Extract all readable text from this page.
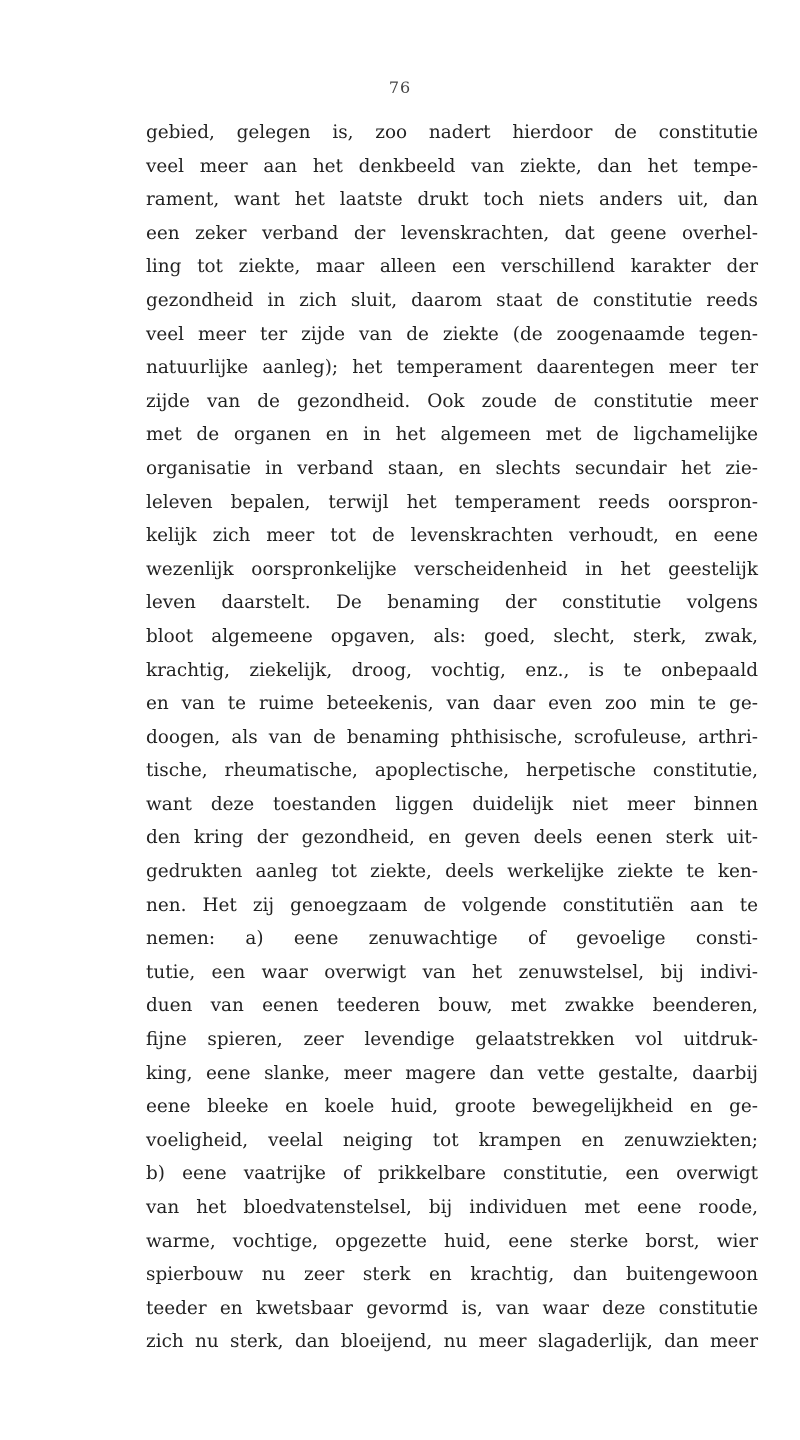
76
gebied, gelegen is, zoo nadert hierdoor de constitutie
veel meer aan het denkbeeld van ziekte, dan het tempe-
rament, want het laatste drukt toch niets anders uit, dan
een zeker verband der levenskrachten, dat geene overhel-
ling tot ziekte, maar alleen een verschillend karakter der
gezondheid in zich sluit, daarom staat de constitutie reeds
veel meer ter zijde van de ziekte (de zoogenaamde tegen-
natuurlijke aanleg); het temperament daarentegen meer ter
zijde van de gezondheid. Ook zoude de constitutie meer
met de organen en in het algemeen met de ligchamelijke
organisatie in verband staan, en slechts secundair het zie-
leleven bepalen, terwijl het temperament reeds oorspron-
kelijk zich meer tot de levenskrachten verhoudt, en eene
wezenlijk oorspronkelijke verscheidenheid in het geestelijk
leven daarstelt. De benaming der constitutie volgens
bloot algemeene opgaven, als: goed, slecht, sterk, zwak,
krachtig, ziekelijk, droog, vochtig, enz., is te onbepaald
en van te ruime beteekenis, van daar even zoo min te ge-
doogen, als van de benaming phthisische, scrofuleuse, arthri-
tische, rheumatische, apoplectische, herpetische constitutie,
want deze toestanden liggen duidelijk niet meer binnen
den kring der gezondheid, en geven deels eenen sterk uit-
gedrukten aanleg tot ziekte, deels werkelijke ziekte te ken-
nen. Het zij genoegzaam de volgende constitutiën aan te
nemen: a) eene zenuwachtige of gevoelige consti-
tutie, een waar overwigt van het zenuwstelsel, bij indivi-
duen van eenen teederen bouw, met zwakke beenderen,
fijne spieren, zeer levendige gelaatstrekken vol uitdruk-
king, eene slanke, meer magere dan vette gestalte, daarbij
eene bleeke en koele huid, groote bewegelijkheid en ge-
voeligheid, veelal neiging tot krampen en zenuwziekten;
b) eene vaatrijke of prikkelbare constitutie, een overwigt
van het bloedvatenstelsel, bij individuen met eene roode,
warme, vochtige, opgezette huid, eene sterke borst, wier
spierbouw nu zeer sterk en krachtig, dan buitengewoon
teeder en kwetsbaar gevormd is, van waar deze constitutie
zich nu sterk, dan bloeijend, nu meer slagaderlijk, dan meer
